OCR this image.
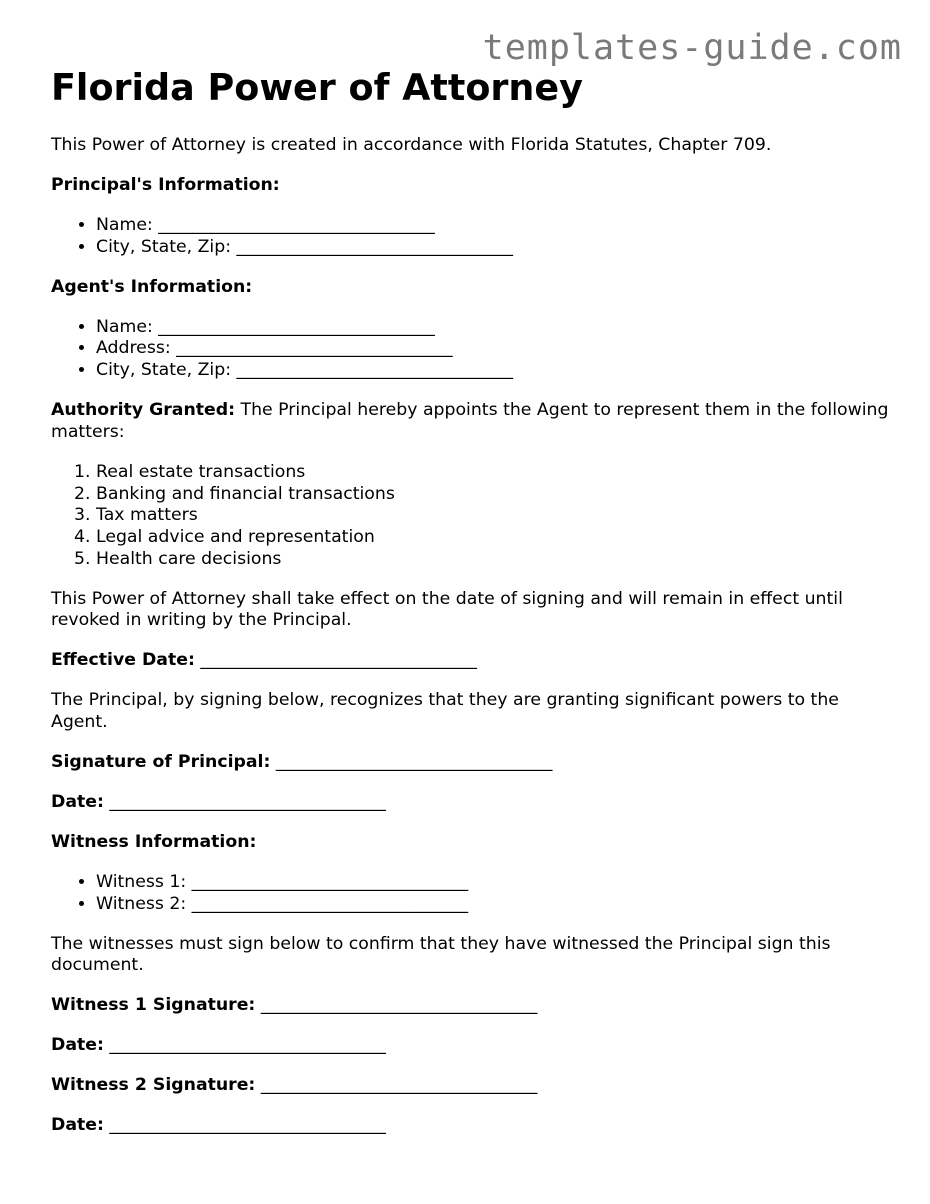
templates-guide.com
Florida Power of Attorney

This Power of Attorney is created in accordance with Florida Statutes, Chapter 709.

Principal's Information:

• Name: ________________________________
• City, State, Zip: ________________________________

Agent's Information:

• Name: ________________________________
• Address: ________________________________
• City, State, Zip: ________________________________

Authority Granted: The Principal hereby appoints the Agent to represent them in the following matters:

1. Real estate transactions
2. Banking and financial transactions
3. Tax matters
4. Legal advice and representation
5. Health care decisions

This Power of Attorney shall take effect on the date of signing and will remain in effect until revoked in writing by the Principal.

Effective Date: ________________________________

The Principal, by signing below, recognizes that they are granting significant powers to the Agent.

Signature of Principal: ________________________________

Date: ________________________________

Witness Information:

• Witness 1: ________________________________
• Witness 2: ________________________________

The witnesses must sign below to confirm that they have witnessed the Principal sign this document.

Witness 1 Signature: ________________________________

Date: ________________________________

Witness 2 Signature: ________________________________

Date: ________________________________
